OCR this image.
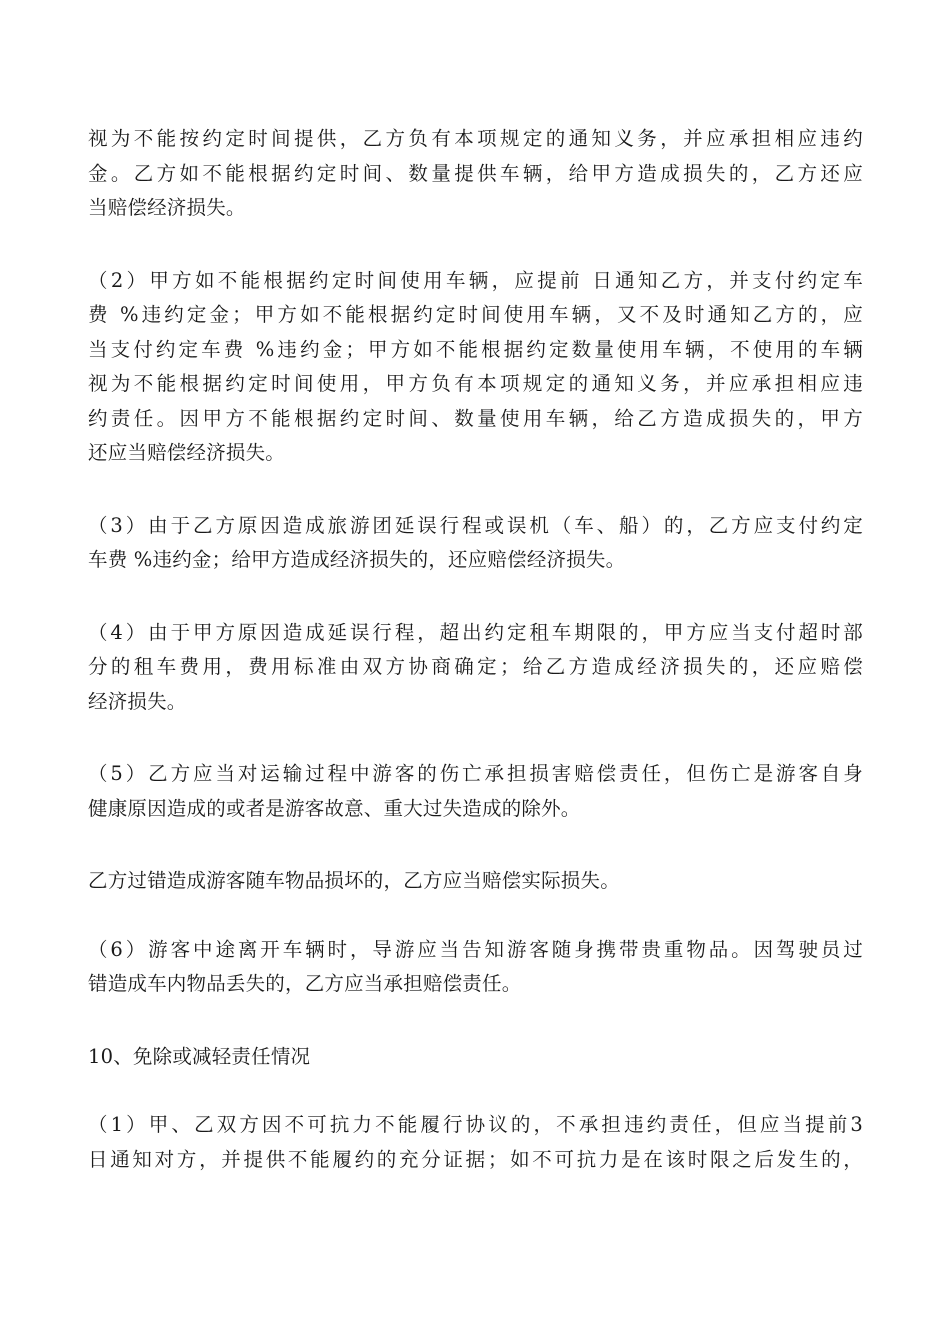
视为不能按约定时间提供，乙方负有本项规定的通知义务，并应承担相应违约
金。乙方如不能根据约定时间、数量提供车辆，给甲方造成损失的，乙方还应
当赔偿经济损失。
（2）甲方如不能根据约定时间使用车辆，应提前 日通知乙方，并支付约定车
费 %违约定金；甲方如不能根据约定时间使用车辆，又不及时通知乙方的，应
当支付约定车费 %违约金；甲方如不能根据约定数量使用车辆，不使用的车辆
视为不能根据约定时间使用，甲方负有本项规定的通知义务，并应承担相应违
约责任。因甲方不能根据约定时间、数量使用车辆，给乙方造成损失的，甲方
还应当赔偿经济损失。
（3）由于乙方原因造成旅游团延误行程或误机（车、船）的，乙方应支付约定
车费 %违约金；给甲方造成经济损失的，还应赔偿经济损失。
（4）由于甲方原因造成延误行程，超出约定租车期限的，甲方应当支付超时部
分的租车费用，费用标准由双方协商确定；给乙方造成经济损失的，还应赔偿
经济损失。
（5）乙方应当对运输过程中游客的伤亡承担损害赔偿责任，但伤亡是游客自身
健康原因造成的或者是游客故意、重大过失造成的除外。
乙方过错造成游客随车物品损坏的，乙方应当赔偿实际损失。
（6）游客中途离开车辆时，导游应当告知游客随身携带贵重物品。因驾驶员过
错造成车内物品丢失的，乙方应当承担赔偿责任。
10、免除或减轻责任情况
（1）甲、乙双方因不可抗力不能履行协议的，不承担违约责任，但应当提前3
日通知对方，并提供不能履约的充分证据；如不可抗力是在该时限之后发生的，
